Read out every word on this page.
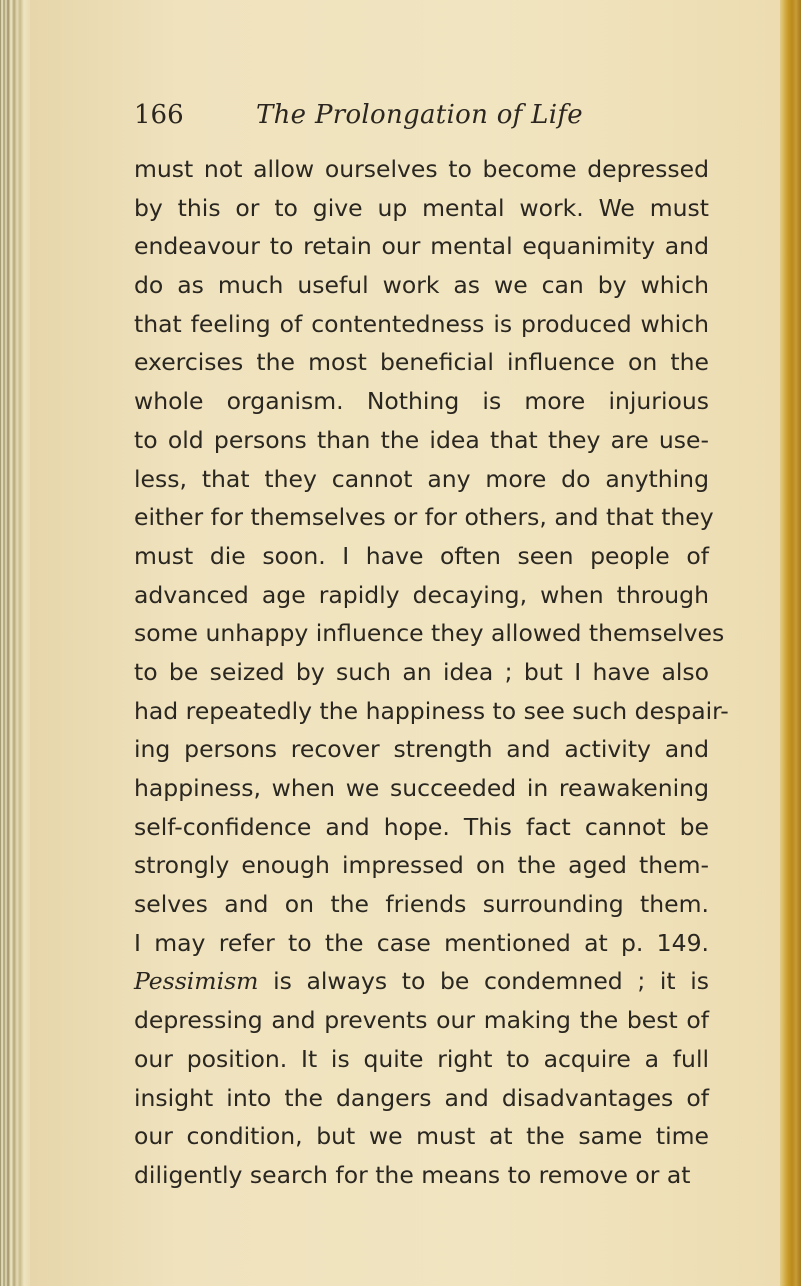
166	The Prolongation of Life
must not allow ourselves to become depressed
by this or to give up mental work. We must
endeavour to retain our mental equanimity and
do as much useful work as we can by which
that feeling of contentedness is produced which
exercises the most beneficial influence on the
whole organism. Nothing is more injurious
to old persons than the idea that they are use-
less, that they cannot any more do anything
either for themselves or for others, and that they
must die soon. I have often seen people of
advanced age rapidly decaying, when through
some unhappy influence they allowed themselves
to be seized by such an idea ; but I have also
had repeatedly the happiness to see such despair-
ing persons recover strength and activity and
happiness, when we succeeded in reawakening
self-confidence and hope. This fact cannot be
strongly enough impressed on the aged them-
selves and on the friends surrounding them.
I may refer to the case mentioned at p. 149.
Pessimism is always to be condemned ; it is
depressing and prevents our making the best of
our position. It is quite right to acquire a full
insight into the dangers and disadvantages of
our condition, but we must at the same time
diligently search for the means to remove or at
